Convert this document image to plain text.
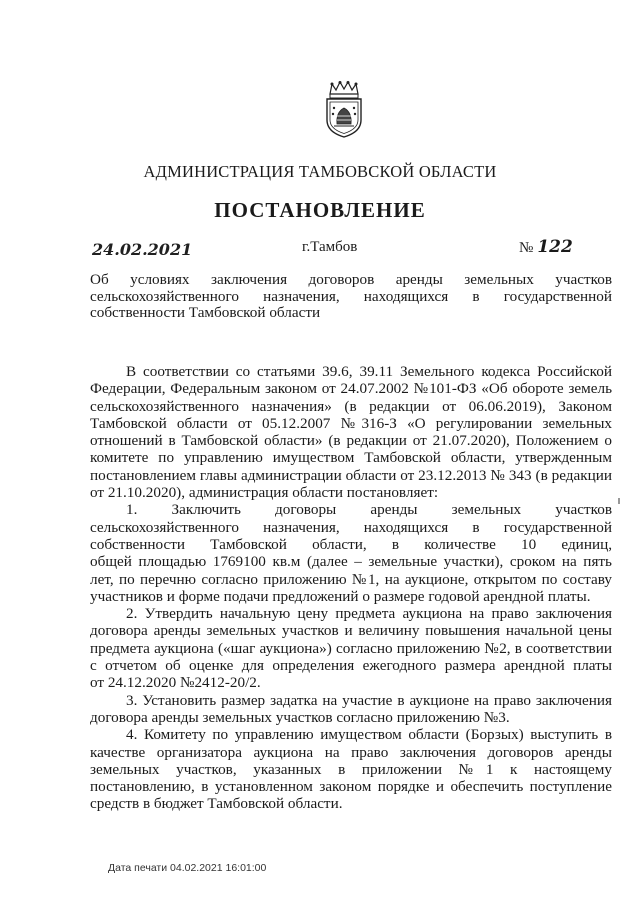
АДМИНИСТРАЦИЯ ТАМБОВСКОЙ ОБЛАСТИ
ПОСТАНОВЛЕНИЕ
24.02.2021	г.Тамбов	№ 122
Об условиях заключения договоров аренды земельных участков
сельскохозяйственного назначения, находящихся в государственной
собственности Тамбовской области
В соответствии со статьями 39.6, 39.11 Земельного кодекса Российской
Федерации, Федеральным законом от 24.07.2002 №101-ФЗ «Об обороте земель
сельскохозяйственного назначения» (в редакции от 06.06.2019), Законом
Тамбовской области от 05.12.2007 №316-З «О регулировании земельных
отношений в Тамбовской области» (в редакции от 21.07.2020), Положением о
комитете по управлению имуществом Тамбовской области, утвержденным
постановлением главы администрации области от 23.12.2013 № 343 (в редакции
от 21.10.2020), администрация области постановляет:
1. Заключить договоры аренды земельных участков
сельскохозяйственного назначения, находящихся в государственной
собственности Тамбовской области, в количестве 10 единиц,
общей площадью 1769100 кв.м (далее – земельные участки), сроком на пять
лет, по перечню согласно приложению №1, на аукционе, открытом по составу
участников и форме подачи предложений о размере годовой арендной платы.
2. Утвердить начальную цену предмета аукциона на право заключения
договора аренды земельных участков и величину повышения начальной цены
предмета аукциона («шаг аукциона») согласно приложению №2, в соответствии
с отчетом об оценке для определения ежегодного размера арендной платы
от 24.12.2020 №2412-20/2.
3. Установить размер задатка на участие в аукционе на право заключения
договора аренды земельных участков согласно приложению №3.
4. Комитету по управлению имуществом области (Борзых) выступить в
качестве организатора аукциона на право заключения договоров аренды
земельных участков, указанных в приложении №1 к настоящему
постановлению, в установленном законом порядке и обеспечить поступление
средств в бюджет Тамбовской области.
Дата печати 04.02.2021 16:01:00
